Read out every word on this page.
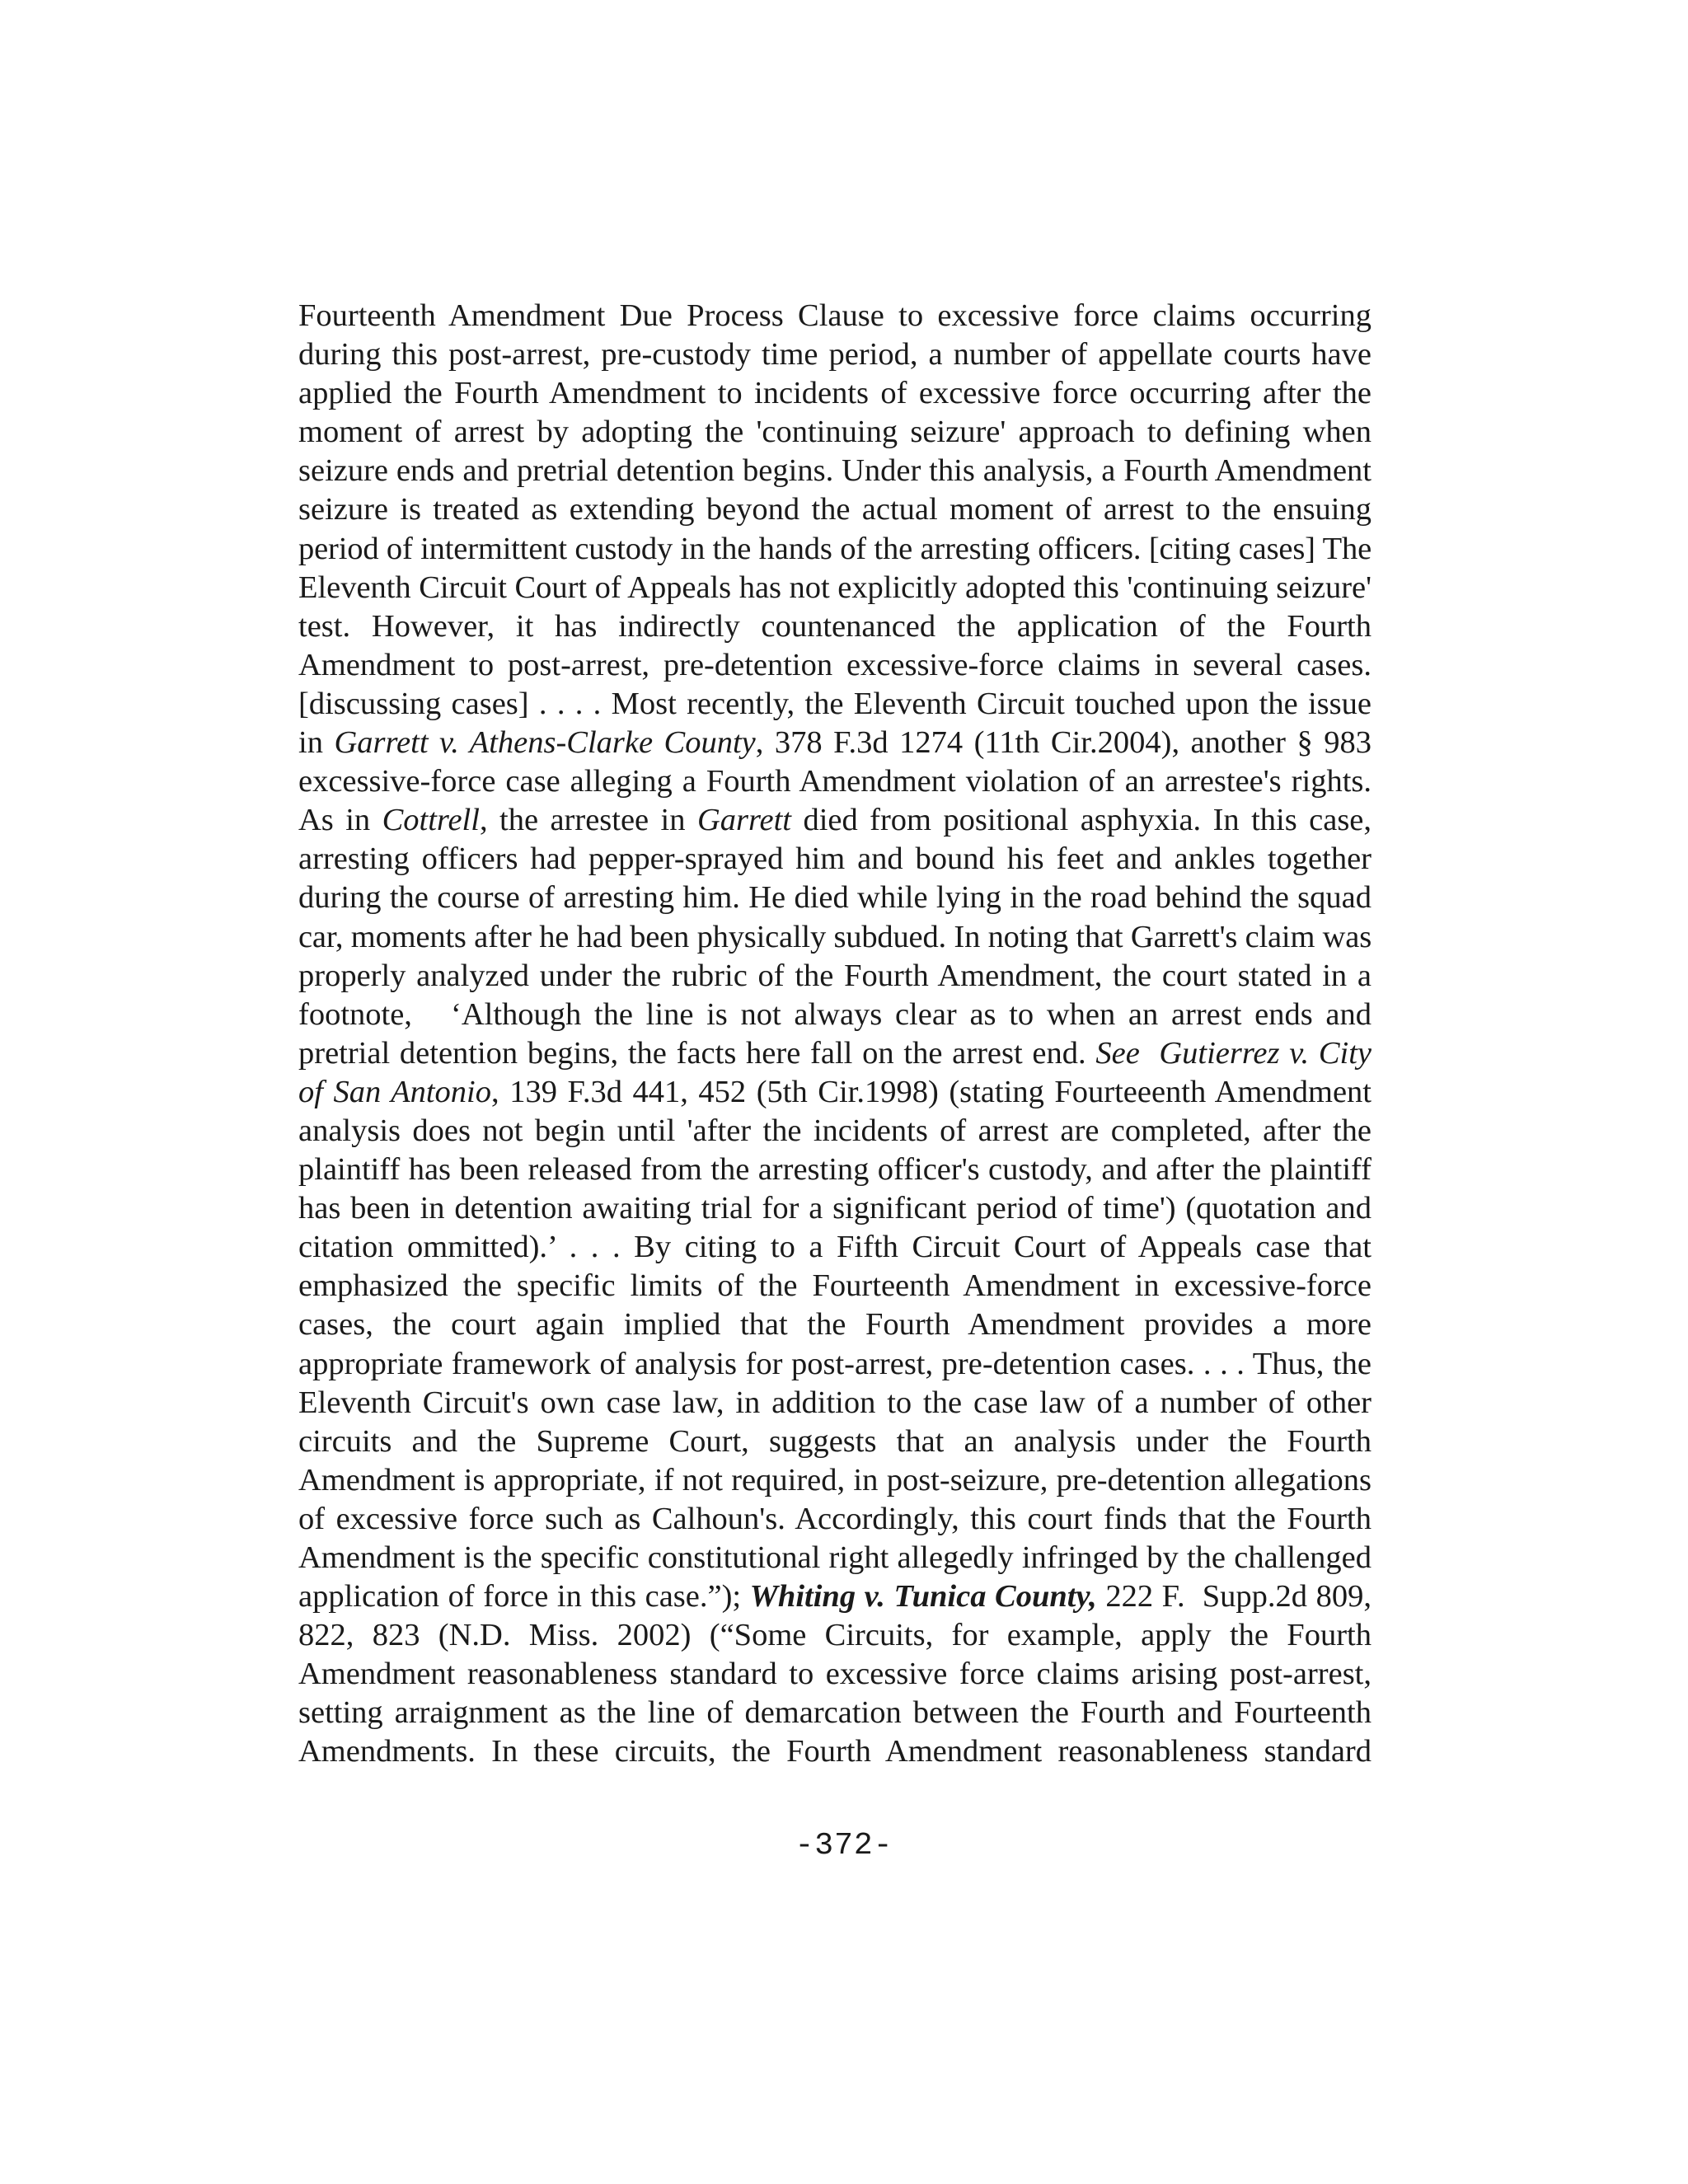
Fourteenth Amendment Due Process Clause to excessive force claims occurring
during this post-arrest, pre-custody time period, a number of appellate courts have
applied the Fourth Amendment to incidents of excessive force occurring after the
moment of arrest by adopting the 'continuing seizure' approach to defining when
seizure ends and pretrial detention begins. Under this analysis, a Fourth Amendment
seizure is treated as extending beyond the actual moment of arrest to the ensuing
period of intermittent custody in the hands of the arresting officers. [citing cases] The
Eleventh Circuit Court of Appeals has not explicitly adopted this 'continuing seizure'
test. However, it has indirectly countenanced the application of the Fourth
Amendment to post-arrest, pre-detention excessive-force claims in several cases.
[discussing cases] . . . . Most recently, the Eleventh Circuit touched upon the issue
in Garrett v. Athens-Clarke County, 378 F.3d 1274 (11th Cir.2004), another § 983
excessive-force case alleging a Fourth Amendment violation of an arrestee's rights.
As in Cottrell, the arrestee in Garrett died from positional asphyxia. In this case,
arresting officers had pepper-sprayed him and bound his feet and ankles together
during the course of arresting him. He died while lying in the road behind the squad
car, moments after he had been physically subdued. In noting that Garrett's claim was
properly analyzed under the rubric of the Fourth Amendment, the court stated in a
footnote,   ‘Although the line is not always clear as to when an arrest ends and
pretrial detention begins, the facts here fall on the arrest end. See  Gutierrez v. City
of San Antonio, 139 F.3d 441, 452 (5th Cir.1998) (stating Fourteeenth Amendment
analysis does not begin until 'after the incidents of arrest are completed, after the
plaintiff has been released from the arresting officer's custody, and after the plaintiff
has been in detention awaiting trial for a significant period of time') (quotation and
citation ommitted).’ . . . By citing to a Fifth Circuit Court of Appeals case that
emphasized the specific limits of the Fourteenth Amendment in excessive-force
cases, the court again implied that the Fourth Amendment provides a more
appropriate framework of analysis for post-arrest, pre-detention cases. . . . Thus, the
Eleventh Circuit's own case law, in addition to the case law of a number of other
circuits and the Supreme Court, suggests that an analysis under the Fourth
Amendment is appropriate, if not required, in post-seizure, pre-detention allegations
of excessive force such as Calhoun's. Accordingly, this court finds that the Fourth
Amendment is the specific constitutional right allegedly infringed by the challenged
application of force in this case.”); Whiting v. Tunica County, 222 F.  Supp.2d 809,
822, 823 (N.D. Miss. 2002) (“Some Circuits, for example, apply the Fourth
Amendment reasonableness standard to excessive force claims arising post-arrest,
setting arraignment as the line of demarcation between the Fourth and Fourteenth
Amendments. In these circuits, the Fourth Amendment reasonableness standard
-372-
